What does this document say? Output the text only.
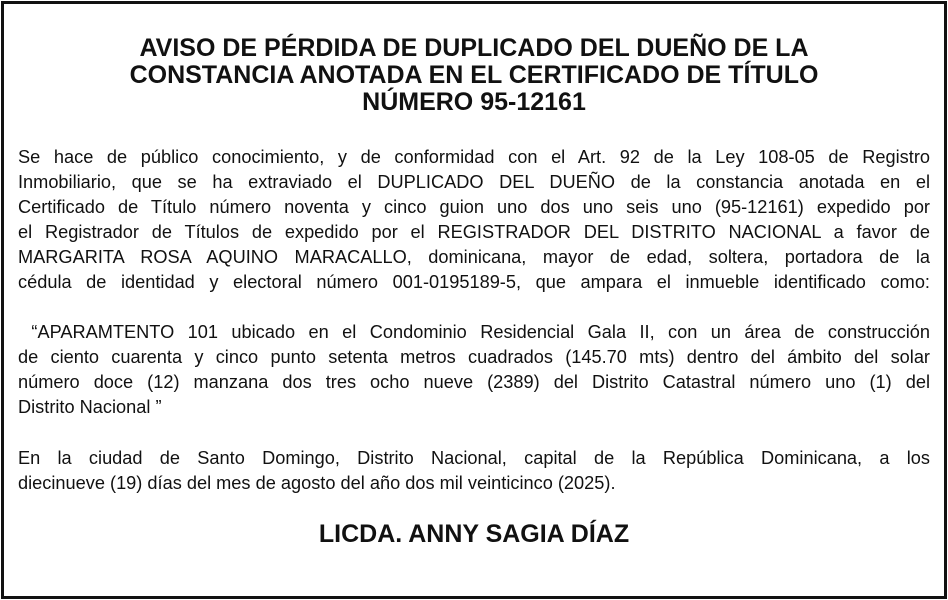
AVISO DE PÉRDIDA DE DUPLICADO DEL DUEÑO DE LA
CONSTANCIA ANOTADA EN EL CERTIFICADO DE TÍTULO
NÚMERO 95-12161

Se hace de público conocimiento, y de conformidad con el Art. 92 de la Ley 108-05 de Registro
Inmobiliario, que se ha extraviado el DUPLICADO DEL DUEÑO de la constancia anotada en el
Certificado de Título número noventa y cinco guion uno dos uno seis uno (95-12161) expedido por
el Registrador de Títulos de expedido por el REGISTRADOR DEL DISTRITO NACIONAL a favor de
MARGARITA ROSA AQUINO MARACALLO, dominicana, mayor de edad, soltera, portadora de la
cédula de identidad y electoral número 001-0195189-5, que ampara el inmueble identificado como:

“APARAMTENTO 101 ubicado en el Condominio Residencial Gala II, con un área de construcción
de ciento cuarenta y cinco punto setenta metros cuadrados (145.70 mts) dentro del ámbito del solar
número doce (12) manzana dos tres ocho nueve (2389) del Distrito Catastral número uno (1) del
Distrito Nacional ”

En la ciudad de Santo Domingo, Distrito Nacional, capital de la República Dominicana, a los
diecinueve (19) días del mes de agosto del año dos mil veinticinco (2025).

LICDA. ANNY SAGIA DÍAZ
